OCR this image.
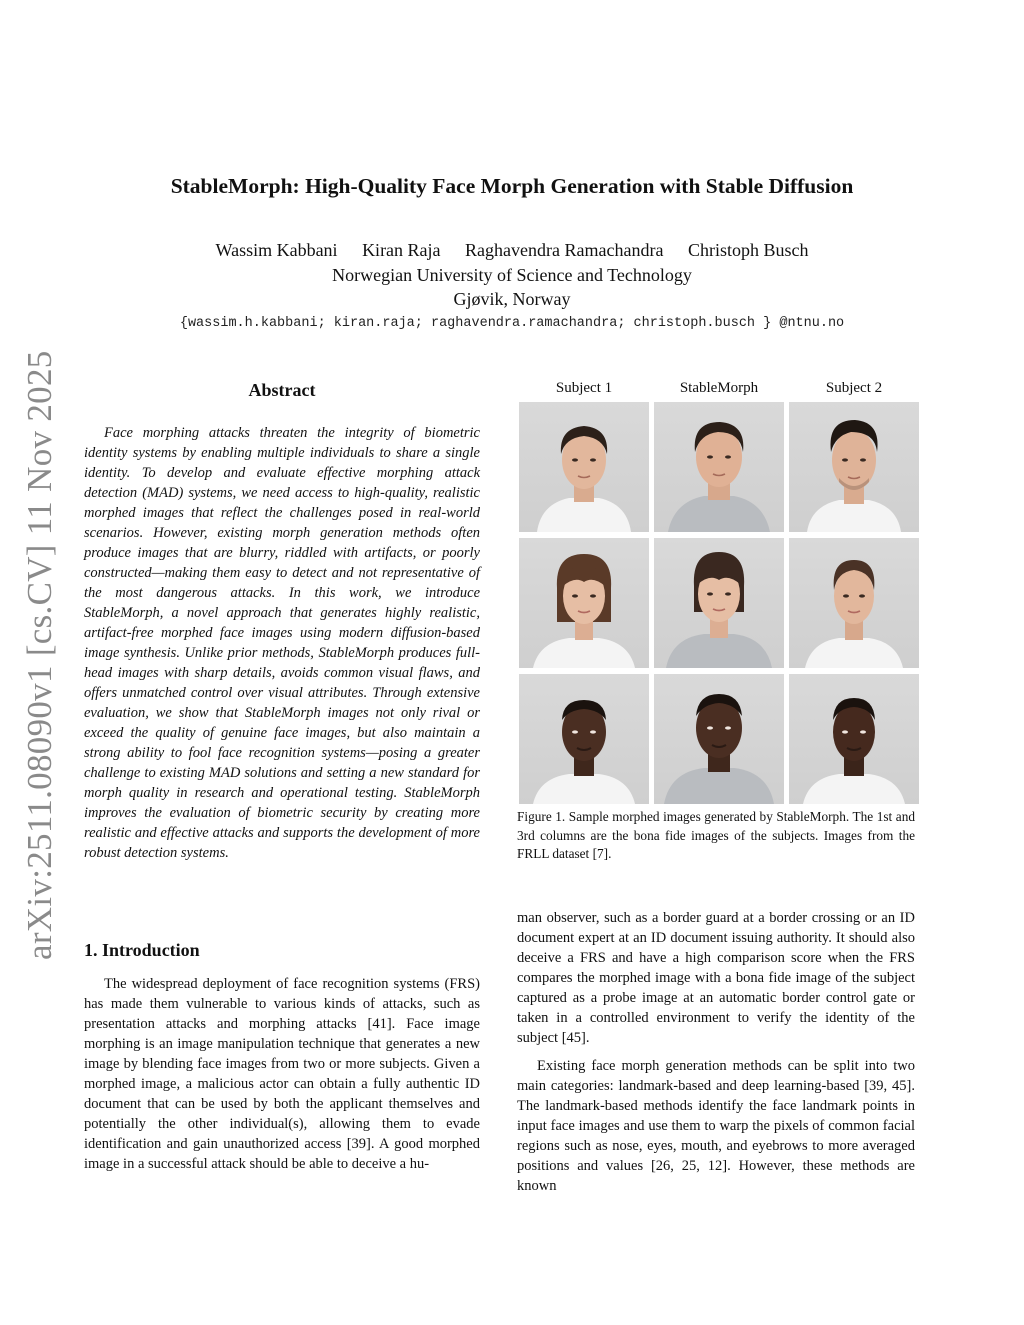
arXiv:2511.08090v1 [cs.CV] 11 Nov 2025
StableMorph: High-Quality Face Morph Generation with Stable Diffusion
Wassim Kabbani Kiran Raja Raghavendra Ramachandra Christoph Busch
Norwegian University of Science and Technology
Gjøvik, Norway
{wassim.h.kabbani; kiran.raja; raghavendra.ramachandra; christoph.busch } @ntnu.no
Abstract
Face morphing attacks threaten the integrity of biometric identity systems by enabling multiple individuals to share a single identity. To develop and evaluate effective morphing attack detection (MAD) systems, we need access to high-quality, realistic morphed images that reflect the challenges posed in real-world scenarios. However, existing morph generation methods often produce images that are blurry, riddled with artifacts, or poorly constructed—making them easy to detect and not representative of the most dangerous attacks. In this work, we introduce StableMorph, a novel approach that generates highly realistic, artifact-free morphed face images using modern diffusion-based image synthesis. Unlike prior methods, StableMorph produces full-head images with sharp details, avoids common visual flaws, and offers unmatched control over visual attributes. Through extensive evaluation, we show that StableMorph images not only rival or exceed the quality of genuine face images, but also maintain a strong ability to fool face recognition systems—posing a greater challenge to existing MAD solutions and setting a new standard for morph quality in research and operational testing. StableMorph improves the evaluation of biometric security by creating more realistic and effective attacks and supports the development of more robust detection systems.
1. Introduction
The widespread deployment of face recognition systems (FRS) has made them vulnerable to various kinds of attacks, such as presentation attacks and morphing attacks [41]. Face image morphing is an image manipulation technique that generates a new image by blending face images from two or more subjects. Given a morphed image, a malicious actor can obtain a fully authentic ID document that can be used by both the applicant themselves and potentially the other individual(s), allowing them to evade identification and gain unauthorized access [39]. A good morphed image in a successful attack should be able to deceive a hu-
Subject 1	StableMorph	Subject 2
Figure 1. Sample morphed images generated by StableMorph. The 1st and 3rd columns are the bona fide images of the subjects. Images from the FRLL dataset [7].

man observer, such as a border guard at a border crossing or an ID document expert at an ID document issuing authority. It should also deceive a FRS and have a high comparison score when the FRS compares the morphed image with a bona fide image of the subject captured as a probe image at an automatic border control gate or taken in a controlled environment to verify the identity of the subject [45].

Existing face morph generation methods can be split into two main categories: landmark-based and deep learning-based [39, 45]. The landmark-based methods identify the face landmark points in input face images and use them to warp the pixels of common facial regions such as nose, eyes, mouth, and eyebrows to more averaged positions and values [26, 25, 12]. However, these methods are known
